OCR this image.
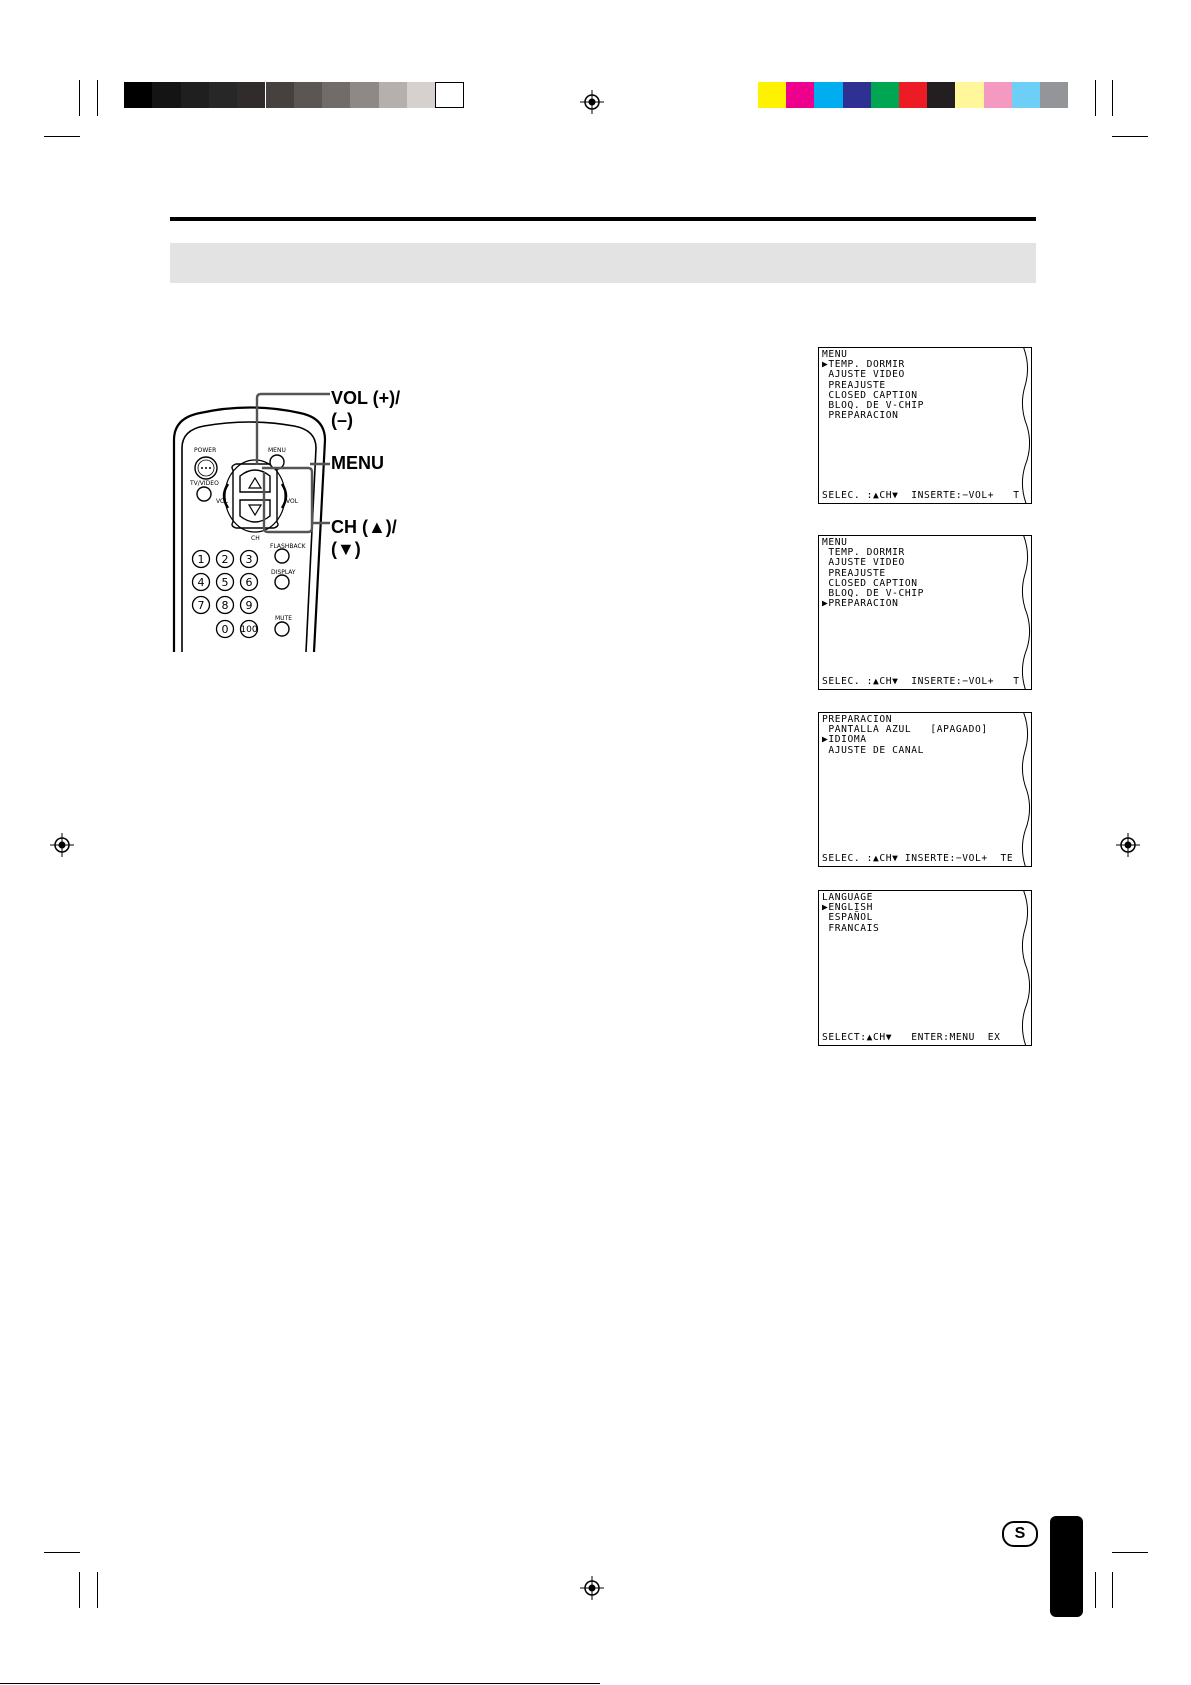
1 2 3
4 5 6
7 8 9
0 100
POWER	MENU
TV/VIDEO
FLASHBACK
DISPLAY
MUTE
VOL	VOL
CH
VOL (+)/
(–)
MENU
CH (▲)/
(▼)
MENU
▶TEMP. DORMIR
AJUSTE VIDEO
PREAJUSTE
CLOSED CAPTION
BLOQ. DE V-CHIP
PREPARACION
SELEC. :▲CH▼  INSERTE:−VOL+   T
MENU
TEMP. DORMIR
AJUSTE VIDEO
PREAJUSTE
CLOSED CAPTION
BLOQ. DE V-CHIP
▶PREPARACION
SELEC. :▲CH▼  INSERTE:−VOL+   T
PREPARACION
PANTALLA AZUL   [APAGADO]
▶IDIOMA
AJUSTE DE CANAL
SELEC. :▲CH▼ INSERTE:−VOL+  TE
LANGUAGE
▶ENGLISH
ESPAÑOL
FRANCAIS
SELECT:▲CH▼   ENTER:MENU  EX
S
